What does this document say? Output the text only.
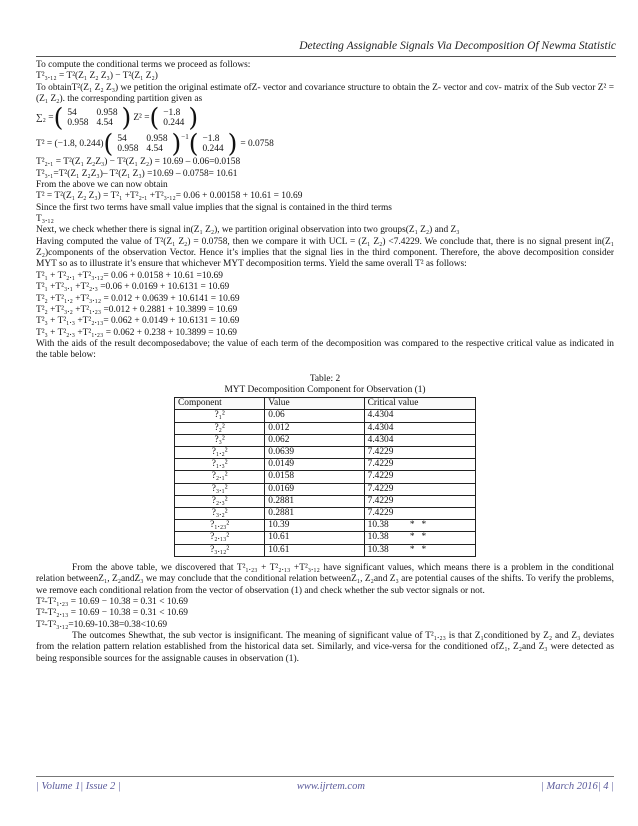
Detecting Assignable Signals Via Decomposition Of Newma Statistic
To compute the conditional terms we proceed as follows:
T²₃.₁₂ = T²(Z₁ Z₂ Z₃) − T²(Z₁ Z₂)
To obtainT²(Z₁ Z₂ Z₃) we petition the original estimate ofZ- vector and covariance structure to obtain the Z- vector and cov- matrix of the Sub vector Z² = (Z₁ Z₂). the corresponding partition given as
∑₂ = ( 54	0.958
0.958	4.54 ) Z² = ( −1.8
0.244 )
T² = (−1.8, 0.244) ( 54	0.958
0.958	4.54 )$^{-1}$ ( −1.8
0.244 ) = 0.0758
T²₂.₁ = T²(Z₁ Z₂Z₃) − T²(Z₁ Z₂) = 10.69 – 0.06=0.0158
T²₃.₁=T²(Z₁ Z₂Z₃)– T²(Z₁ Z₃) =10.69 – 0.0758= 10.61
From the above we can now obtain
T² = T²(Z₁ Z₂ Z₃) = T²₁ +T²₂.₁ +T²₃.₁₂= 0.06 + 0.00158 + 10.61 = 10.69
Since the first two terms have small value implies that the signal is contained in the third terms
T₃.₁₂
Next, we check whether there is signal in(Z₁ Z₂), we partition original observation into two groups(Z₁ Z₂) and Z₃
Having computed the value of T²(Z₁ Z₂) = 0.0758, then we compare it with UCL = (Z₁ Z₂) <7.4229. We conclude that, there is no signal present in(Z₁ Z₂)components of the observation Vector. Hence it’s implies that the signal lies in the third component. Therefore, the above decomposition consider MYT so as to illustrate it’s ensure that whichever MYT decomposition terms. Yield the same overall T² as follows:
T²₁ + T²₂.₁ +T²₃.₁₂= 0.06 + 0.0158 + 10.61 =10.69
T²₁ +T²₃.₁ +T²₂.₃ =0.06 + 0.0169 + 10.6131 = 10.69
T²₂ +T²₁.₂ +T²₃.₁₂ = 0.012 + 0.0639 + 10.6141 = 10.69
T²₂ +T²₃.₂ +T²₁.₂₃ =0.012 + 0.2881 + 10.3899 = 10.69
T²₃ + T²₁.₃ +T²₂.₁₃= 0.062 + 0.0149 + 10.6131 = 10.69
T²₃ + T²₂.₃ +T²₁.₂₃ = 0.062 + 0.238 + 10.3899 = 10.69
With the aids of the result decomposedabove; the value of each term of the decomposition was compared to the respective critical value as indicated in the table below:
Table: 2
MYT Decomposition Component for Observation (1)
Component	Value	Critical value
?₁²	0.06	4.4304
?₂²	0.012	4.4304
?₃²	0.062	4.4304
?₁.₂²	0.0639	7.4229
?₁.₃²	0.0149	7.4229
?₂.₁²	0.0158	7.4229
?₃.₁²	0.0169	7.4229
?₂.₃²	0.2881	7.4229
?₃.₂²	0.2881	7.4229
?₁.₂₃²	10.39	10.38         *   *
?₂.₁₃²	10.61	10.38         *   *
?₃.₁₂²	10.61	10.38         *   *
From the above table, we discovered that T²₁.₂₃ + T²₂.₁₃ +T²₃.₁₂ have significant values, which means there is a problem in the conditional relation betweenZ₁, Z₂andZ₃ we may conclude that the conditional relation betweenZ₁, Z₂and Z₃ are potential causes of the shifts. To verify the problems, we remove each conditional relation from the vector of observation (1) and check whether the sub vector signals or not.
T²-T²₁.₂₃ = 10.69 − 10.38 = 0.31 < 10.69
T²-T²₂.₁₃ = 10.69 − 10.38 = 0.31 < 10.69
T²-T²₃.₁₂=10.69-10.38=0.38<10.69
The outcomes Shewthat, the sub vector is insignificant. The meaning of significant value of T²₁.₂₃ is that Z₁conditioned by Z₂ and Z₃ deviates from the relation pattern relation established from the historical data set. Similarly, and vice-versa for the conditioned ofZ₁, Z₂and Z₃ were detected as being responsible sources for the assignable causes in observation (1).
| Volume 1| Issue 2 |	www.ijrtem.com	| March 2016| 4 |
